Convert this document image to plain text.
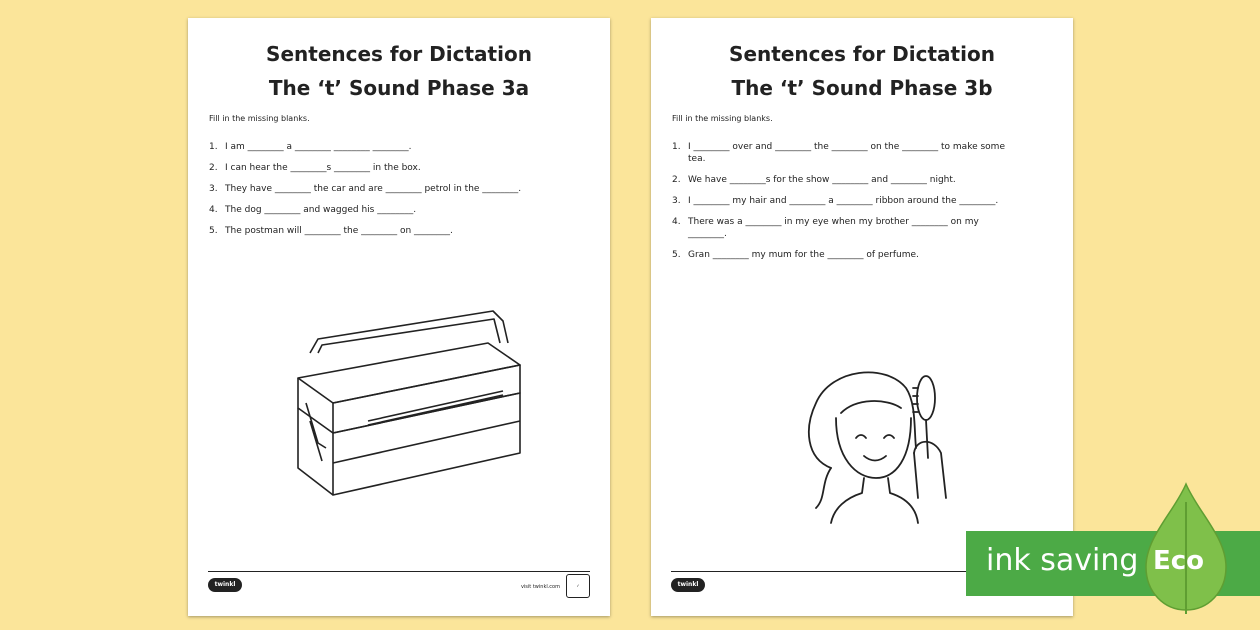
Sentences for Dictation
The ‘t’ Sound Phase 3a
Fill in the missing blanks.
1. I am ________ a ________ ________ ________.
2. I can hear the ________s ________ in the box.
3. They have ________ the car and are ________ petrol in the ________.
4. The dog ________ and wagged his ________.
5. The postman will ________ the ________ on ________.
twinkl	visit twinkl.com	✓
Sentences for Dictation
The ‘t’ Sound Phase 3b
Fill in the missing blanks.
1. I ________ over and ________ the ________ on the ________ to make some tea.
2. We have ________s for the show ________ and ________ night.
3. I ________ my hair and ________ a ________ ribbon around the ________.
4. There was a ________ in my eye when my brother ________ on my ________.
5. Gran ________ my mum for the ________ of perfume.
twinkl
ink saving Eco
